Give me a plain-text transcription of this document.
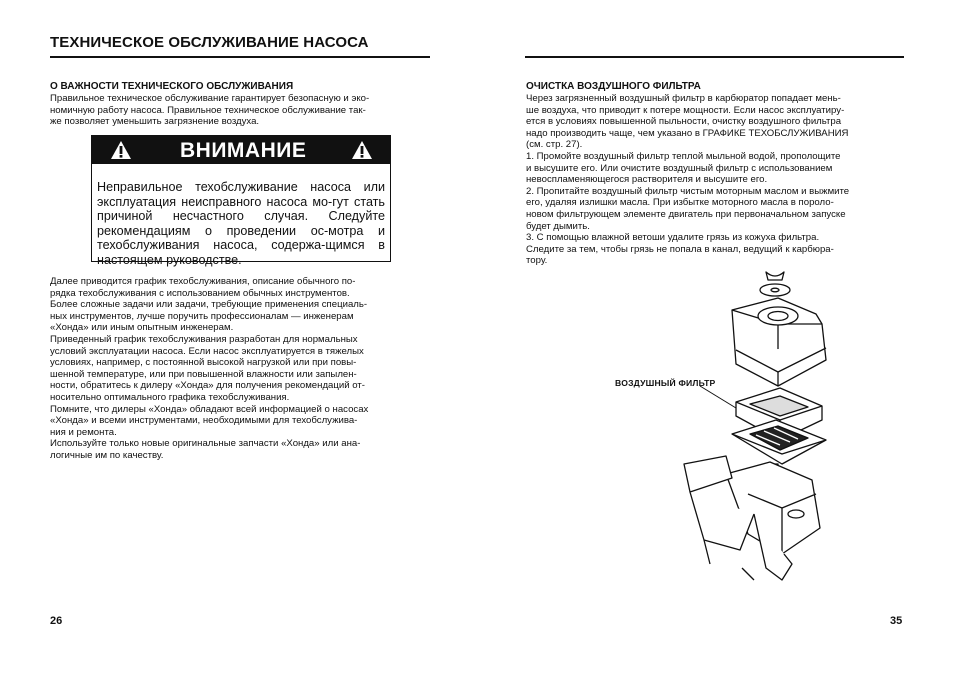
ТЕХНИЧЕСКОЕ ОБСЛУЖИВАНИЕ НАСОСА
О ВАЖНОСТИ ТЕХНИЧЕСКОГО ОБСЛУЖИВАНИЯ

Правильное техническое обслуживание гарантирует безопасную и эко-

номичную работу насоса. Правильное техническое обслуживание так-

же позволяет уменьшить загрязнение воздуха.

ВНИМАНИЕ
Неправильное техобслуживание насоса или эксплуатация неисправного насоса мо-гут стать причиной несчастного случая. Следуйте рекомендациям о проведении ос-мотра и техобслуживания насоса, содержа-щимся в настоящем руководстве.

Далее приводится график техобслуживания, описание обычного по-

рядка техобслуживания с использованием обычных инструментов.

Более сложные задачи или задачи, требующие применения специаль-

ных инструментов, лучше поручить профессионалам — инженерам

«Хонда» или иным опытным инженерам.

Приведенный график техобслуживания разработан для нормальных

условий эксплуатации насоса. Если насос эксплуатируется в тяжелых

условиях, например, с постоянной высокой нагрузкой или при повы-

шенной температуре, или при повышенной влажности или запылен-

ности, обратитесь к дилеру «Хонда» для получения рекомендаций от-

носительно оптимального графика техобслуживания.

Помните, что дилеры «Хонда» обладают всей информацией о насосах

«Хонда» и всеми инструментами, необходимыми для техобслужива-

ния и ремонта.

Используйте только новые оригинальные запчасти «Хонда» или ана-

логичные им по качеству.

26
ОЧИСТКА ВОЗДУШНОГО ФИЛЬТРА

Через загрязненный воздушный фильтр в карбюратор попадает мень-

ше воздуха, что приводит к потере мощности. Если насос эксплуатиру-

ется в условиях повышенной пыльности, очистку воздушного фильтра

надо производить чаще, чем указано в ГРАФИКЕ ТЕХОБСЛУЖИВАНИЯ

(см. стр. 27).

1. Промойте воздушный фильтр теплой мыльной водой, прополощите

и высушите его. Или очистите воздушный фильтр с использованием

невоспламеняющегося растворителя и высушите его.

2. Пропитайте воздушный фильтр чистым моторным маслом и выжмите

его, удаляя излишки масла. При избытке моторного масла в пороло-

новом фильтрующем элементе двигатель при первоначальном запуске

будет дымить.

3. С помощью влажной ветоши удалите грязь из кожуха фильтра.

Следите за тем, чтобы грязь не попала в канал, ведущий к карбюра-

тору.

ВОЗДУШНЫЙ ФИЛЬТР
35
